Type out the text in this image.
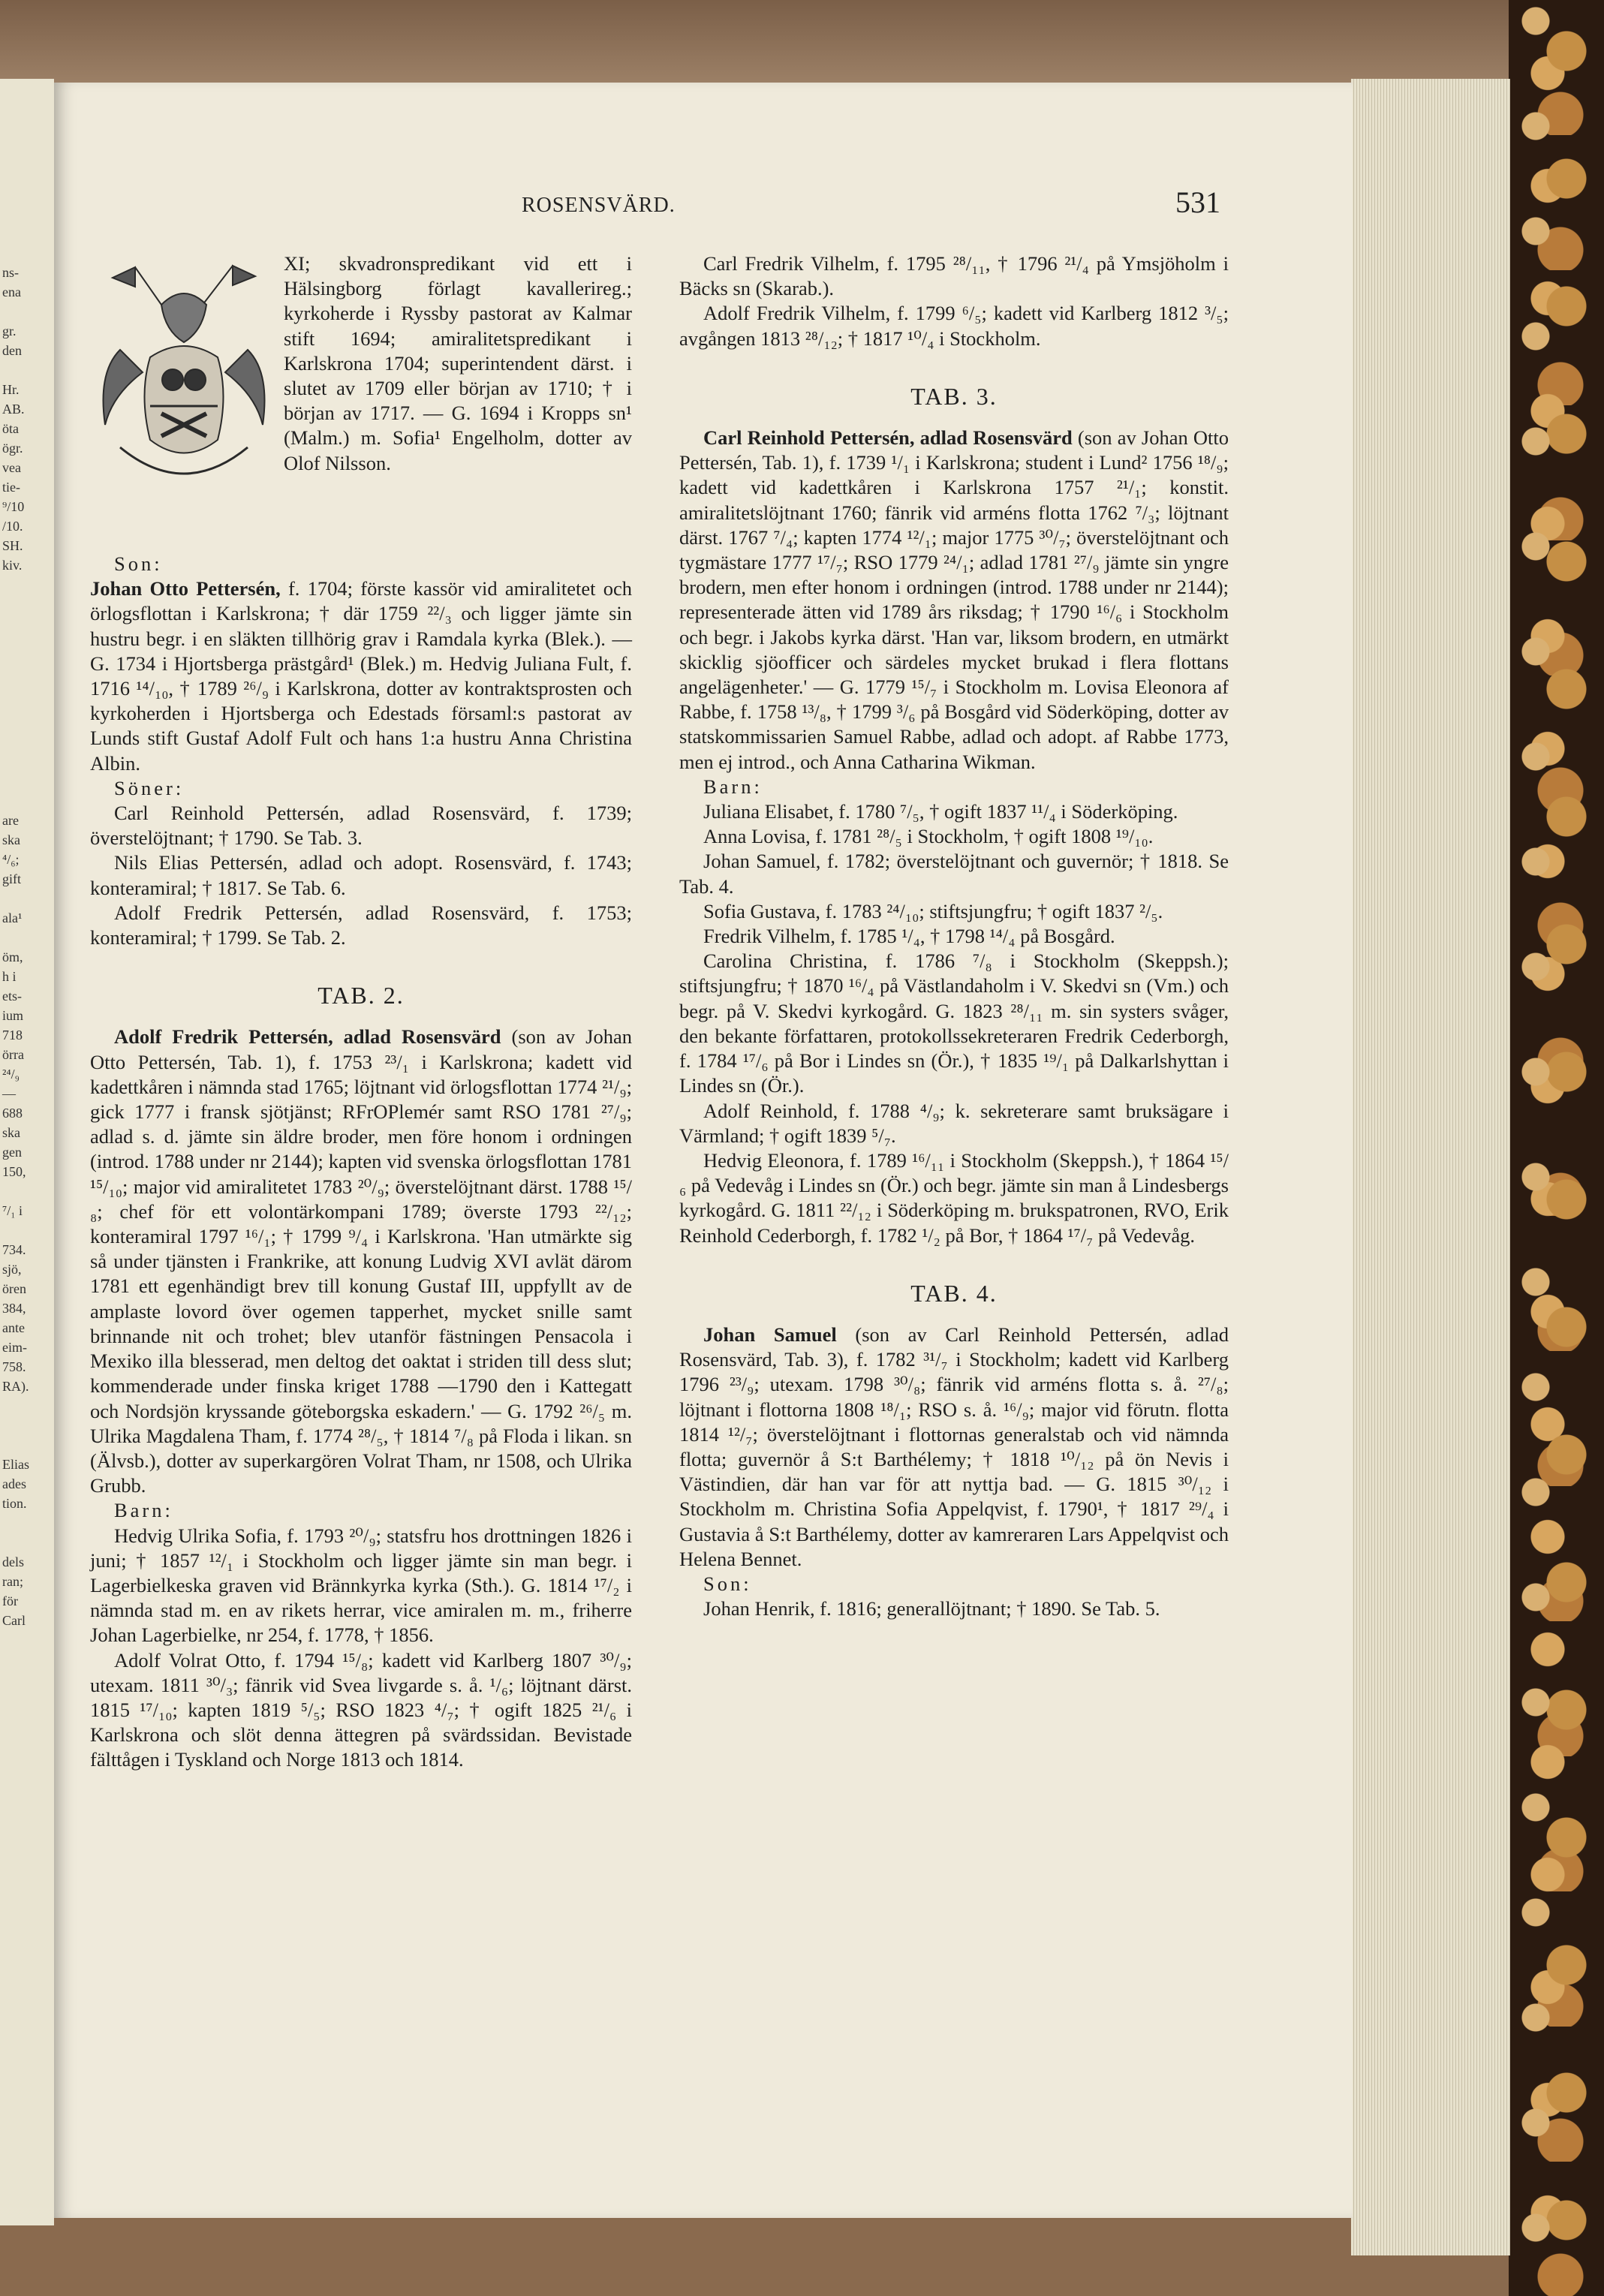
ns-
ena
gr.
den
Hr.
AB.
öta
ögr.
vea
tie-
⁹/10
/10.
SH.
kiv.
are
ska
⁴/₆;
gift
ala¹
öm,
h i
ets-
ium
718
örra
²⁴/₉
—
688
ska
gen
150,
⁷/₁ i
734.
sjö,
ören
384,
ante
eim-
758.
RA).
Elias
ades
tion.
dels
ran;
för
Carl
ROSENSVÄRD.	531

XI; skvadronspredikant vid ett i Hälsingborg förlagt kavallerireg.; kyrkoherde i Ryssby pastorat av Kalmar stift 1694; amiralitetspredikant i Karlskrona 1704; superintendent därst. i slutet av 1709 eller början av 1710; † i början av 1717. — G. 1694 i Kropps sn¹ (Malm.) m. Sofia¹ Engelholm, dotter av Olof Nilsson.

Son:

Johan Otto Pettersén, f. 1704; förste kassör vid amiralitetet och örlogsflottan i Karlskrona; † där 1759 ²²/₃ och ligger jämte sin hustru begr. i en släkten tillhörig grav i Ramdala kyrka (Blek.). — G. 1734 i Hjortsberga prästgård¹ (Blek.) m. Hedvig Juliana Fult, f. 1716 ¹⁴/₁₀, † 1789 ²⁶/₉ i Karlskrona, dotter av kontraktsprosten och kyrkoherden i Hjortsberga och Edestads församl:s pastorat av Lunds stift Gustaf Adolf Fult och hans 1:a hustru Anna Christina Albin.

Söner:

Carl Reinhold Pettersén, adlad Rosensvärd, f. 1739; överstelöjtnant; † 1790. Se Tab. 3.

Nils Elias Pettersén, adlad och adopt. Rosensvärd, f. 1743; konteramiral; † 1817. Se Tab. 6.

Adolf Fredrik Pettersén, adlad Rosensvärd, f. 1753; konteramiral; † 1799. Se Tab. 2.

TAB. 2.

Adolf Fredrik Pettersén, adlad Rosensvärd (son av Johan Otto Pettersén, Tab. 1), f. 1753 ²³/₁ i Karlskrona; kadett vid kadettkåren i nämnda stad 1765; löjtnant vid örlogsflottan 1774 ²¹/₉; gick 1777 i fransk sjötjänst; RFrOPlemér samt RSO 1781 ²⁷/₉; adlad s. d. jämte sin äldre broder, men före honom i ordningen (introd. 1788 under nr 2144); kapten vid svenska örlogsflottan 1781 ¹⁵/₁₀; major vid amiralitetet 1783 ²⁰/₉; överstelöjtnant därst. 1788 ¹⁵/₈; chef för ett volontärkompani 1789; överste 1793 ²²/₁₂; konteramiral 1797 ¹⁶/₁; † 1799 ⁹/₄ i Karlskrona. 'Han utmärkte sig så under tjänsten i Frankrike, att konung Ludvig XVI avlät därom 1781 ett egenhändigt brev till konung Gustaf III, uppfyllt av de amplaste lovord över ogemen tapperhet, mycket snille samt brinnande nit och trohet; blev utanför fästningen Pensacola i Mexiko illa blesserad, men deltog det oaktat i striden till dess slut; kommenderade under finska kriget 1788 —1790 den i Kattegatt och Nordsjön kryssande göteborgska eskadern.' — G. 1792 ²⁶/₅ m. Ulrika Magdalena Tham, f. 1774 ²⁸/₅, † 1814 ⁷/₈ på Floda i likan. sn (Älvsb.), dotter av superkargören Volrat Tham, nr 1508, och Ulrika Grubb.

Barn:

Hedvig Ulrika Sofia, f. 1793 ²⁰/₉; statsfru hos drottningen 1826 i juni; † 1857 ¹²/₁ i Stockholm och ligger jämte sin man begr. i Lagerbielkeska graven vid Brännkyrka kyrka (Sth.). G. 1814 ¹⁷/₂ i nämnda stad m. en av rikets herrar, vice amiralen m. m., friherre Johan Lagerbielke, nr 254, f. 1778, † 1856.

Adolf Volrat Otto, f. 1794 ¹⁵/₈; kadett vid Karlberg 1807 ³⁰/₉; utexam. 1811 ³⁰/₃; fänrik vid Svea livgarde s. å. ¹/₆; löjtnant därst. 1815 ¹⁷/₁₀; kapten 1819 ⁵/₅; RSO 1823 ⁴/₇; † ogift 1825 ²¹/₆ i Karlskrona och slöt denna ättegren på svärdssidan. Bevistade fälttågen i Tyskland och Norge 1813 och 1814.

Carl Fredrik Vilhelm, f. 1795 ²⁸/₁₁, † 1796 ²¹/₄ på Ymsjöholm i Bäcks sn (Skarab.).

Adolf Fredrik Vilhelm, f. 1799 ⁶/₅; kadett vid Karlberg 1812 ³/₅; avgången 1813 ²⁸/₁₂; † 1817 ¹⁰/₄ i Stockholm.

TAB. 3.

Carl Reinhold Pettersén, adlad Rosensvärd (son av Johan Otto Pettersén, Tab. 1), f. 1739 ¹/₁ i Karlskrona; student i Lund² 1756 ¹⁸/₉; kadett vid kadettkåren i Karlskrona 1757 ²¹/₁; konstit. amiralitetslöjtnant 1760; fänrik vid arméns flotta 1762 ⁷/₃; löjtnant därst. 1767 ⁷/₄; kapten 1774 ¹²/₁; major 1775 ³⁰/₇; överstelöjtnant och tygmästare 1777 ¹⁷/₇; RSO 1779 ²⁴/₁; adlad 1781 ²⁷/₉ jämte sin yngre brodern, men efter honom i ordningen (introd. 1788 under nr 2144); representerade ätten vid 1789 års riksdag; † 1790 ¹⁶/₆ i Stockholm och begr. i Jakobs kyrka därst. 'Han var, liksom brodern, en utmärkt skicklig sjöofficer och särdeles mycket brukad i flera flottans angelägenheter.' — G. 1779 ¹⁵/₇ i Stockholm m. Lovisa Eleonora af Rabbe, f. 1758 ¹³/₈, † 1799 ³/₆ på Bosgård vid Söderköping, dotter av statskommissarien Samuel Rabbe, adlad och adopt. af Rabbe 1773, men ej introd., och Anna Catharina Wikman.

Barn:

Juliana Elisabet, f. 1780 ⁷/₅, † ogift 1837 ¹¹/₄ i Söderköping.

Anna Lovisa, f. 1781 ²⁸/₅ i Stockholm, † ogift 1808 ¹⁹/₁₀.

Johan Samuel, f. 1782; överstelöjtnant och guvernör; † 1818. Se Tab. 4.

Sofia Gustava, f. 1783 ²⁴/₁₀; stiftsjungfru; † ogift 1837 ²/₅.

Fredrik Vilhelm, f. 1785 ¹/₄, † 1798 ¹⁴/₄ på Bosgård.

Carolina Christina, f. 1786 ⁷/₈ i Stockholm (Skeppsh.); stiftsjungfru; † 1870 ¹⁶/₄ på Västlandaholm i V. Skedvi sn (Vm.) och begr. på V. Skedvi kyrkogård. G. 1823 ²⁸/₁₁ m. sin systers svåger, den bekante författaren, protokollssekreteraren Fredrik Cederborgh, f. 1784 ¹⁷/₆ på Bor i Lindes sn (Ör.), † 1835 ¹⁹/₁ på Dalkarlshyttan i Lindes sn (Ör.).

Adolf Reinhold, f. 1788 ⁴/₉; k. sekreterare samt bruksägare i Värmland; † ogift 1839 ⁵/₇.

Hedvig Eleonora, f. 1789 ¹⁶/₁₁ i Stockholm (Skeppsh.), † 1864 ¹⁵/₆ på Vedevåg i Lindes sn (Ör.) och begr. jämte sin man å Lindesbergs kyrkogård. G. 1811 ²²/₁₂ i Söderköping m. brukspatronen, RVO, Erik Reinhold Cederborgh, f. 1782 ¹/₂ på Bor, † 1864 ¹⁷/₇ på Vedevåg.

TAB. 4.

Johan Samuel (son av Carl Reinhold Pettersén, adlad Rosensvärd, Tab. 3), f. 1782 ³¹/₇ i Stockholm; kadett vid Karlberg 1796 ²³/₉; utexam. 1798 ³⁰/₈; fänrik vid arméns flotta s. å. ²⁷/₈; löjtnant i flottorna 1808 ¹⁸/₁; RSO s. å. ¹⁶/₉; major vid förutn. flotta 1814 ¹²/₇; överstelöjtnant i flottornas generalstab och vid nämnda flotta; guvernör å S:t Barthélemy; † 1818 ¹⁰/₁₂ på ön Nevis i Västindien, där han var för att nyttja bad. — G. 1815 ³⁰/₁₂ i Stockholm m. Christina Sofia Appelqvist, f. 1790¹, † 1817 ²⁹/₄ i Gustavia å S:t Barthélemy, dotter av kamreraren Lars Appelqvist och Helena Bennet.

Son:

Johan Henrik, f. 1816; generallöjtnant; † 1890. Se Tab. 5.
